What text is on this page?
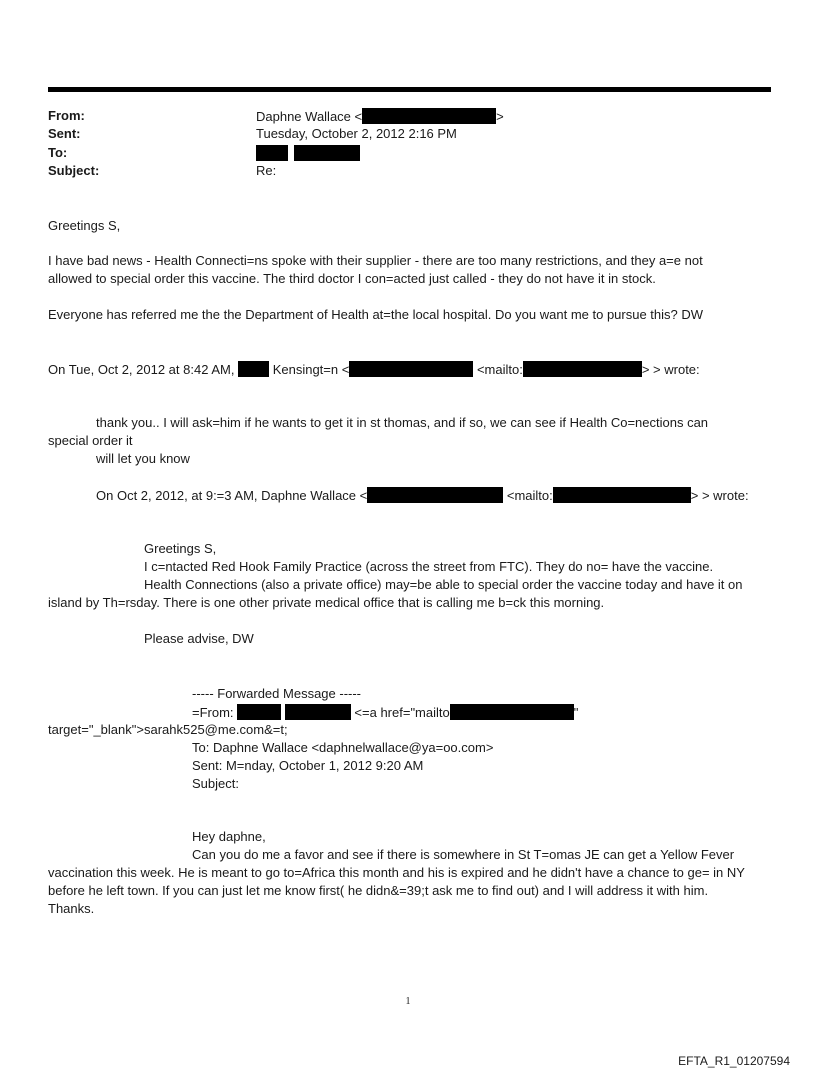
From:	Daphne Wallace <	>
Sent:	Tuesday, October 2, 2012 2:16 PM
To:

Subject:	Re:
Greetings S,
I have bad news - Health Connecti=ns spoke with their supplier - there are too many restrictions, and they a=e not
allowed to special order this vaccine. The third doctor I con=acted just called - they do not have it in stock.
Everyone has referred me the the Department of Health at=the local hospital. Do you want me to pursue this? DW
On Tue, Oct 2, 2012 at 8:42 AM,	Kensingt=n <	<mailto:	> > wrote:
thank you.. I will ask=him if he wants to get it in st thomas, and if so, we can see if Health Co=nections can
special order it
will let you know
On Oct 2, 2012, at 9:=3 AM, Daphne Wallace <	<mailto:	> > wrote:
Greetings S,
I c=ntacted Red Hook Family Practice (across the street from FTC). They do no= have the vaccine.
Health Connections (also a private office) may=be able to special order the vaccine today and have it on
island by Th=rsday. There is one other private medical office that is calling me b=ck this morning.
Please advise, DW
----- Forwarded Message -----
=From:	<=a href="mailto	"
target="_blank">sarahk525@me.com&=t;
To: Daphne Wallace <daphnelwallace@ya=oo.com>
Sent: M=nday, October 1, 2012 9:20 AM
Subject:
Hey daphne,
Can you do me a favor and see if there is somewhere in St T=omas JE can get a Yellow Fever
vaccination this week. He is meant to go to=Africa this month and his is expired and he didn't have a chance to ge= in NY
before he left town. If you can just let me know first( he didn&=39;t ask me to find out) and I will address it with him.
Thanks.
1
EFTA_R1_01207594
